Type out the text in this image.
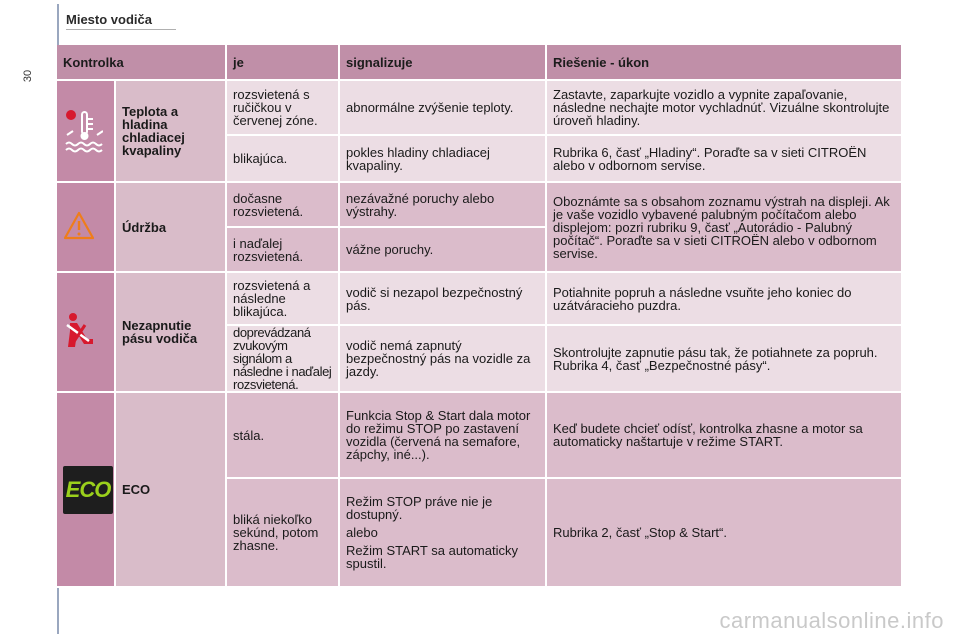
30
Miesto vodiča
Kontrolka		je	signalizuje	Riešenie - úkon
	Teplota a hladina chladiacej kvapaliny	rozsvietená s ručičkou v červenej zóne.	abnormálne zvýšenie teploty.	Zastavte, zaparkujte vozidlo a vypnite zapaľovanie, následne nechajte motor vychladnúť. Vizuálne skontrolujte úroveň hladiny.
		blikajúca.	pokles hladiny chladiacej kvapaliny.	Rubrika 6, časť „Hladiny“. Poraďte sa v sieti CITROËN alebo v odbornom servise.
	Údržba	dočasne rozsvietená.	nezávažné poruchy alebo výstrahy.	Oboznámte sa s obsahom zoznamu výstrah na displeji. Ak je vaše vozidlo vybavené palubným počítačom alebo displejom: pozri rubriku 9, časť „Autorádio - Palubný počítač“. Poraďte sa v sieti CITROËN alebo v odbornom servise.
		i naďalej rozsvietená.	vážne poruchy.	
	Nezapnutie pásu vodiča	rozsvietená a následne blikajúca.	vodič si nezapol bezpečnostný pás.	Potiahnite popruh a následne vsuňte jeho koniec do uzátváracieho puzdra.
		doprevádzaná zvukovým signálom a následne i naďalej rozsvietená.	vodič nemá zapnutý bezpečnostný pás na vozidle za jazdy.	Skontrolujte zapnutie pásu tak, že potiahnete za popruh. Rubrika 4, časť „Bezpečnostné pásy“.
ECO	ECO	stála.	Funkcia Stop & Start dala motor do režimu STOP po zastavení vozidla (červená na semafore, zápchy, iné...).	Keď budete chcieť odísť, kontrolka zhasne a motor sa automaticky naštartuje v režime START.
		bliká niekoľko sekúnd, potom zhasne.	Režim STOP práve nie je dostupný.
alebo
Režim START sa automaticky spustil.	Rubrika 2, časť „Stop & Start“.
carmanualsonline.info
